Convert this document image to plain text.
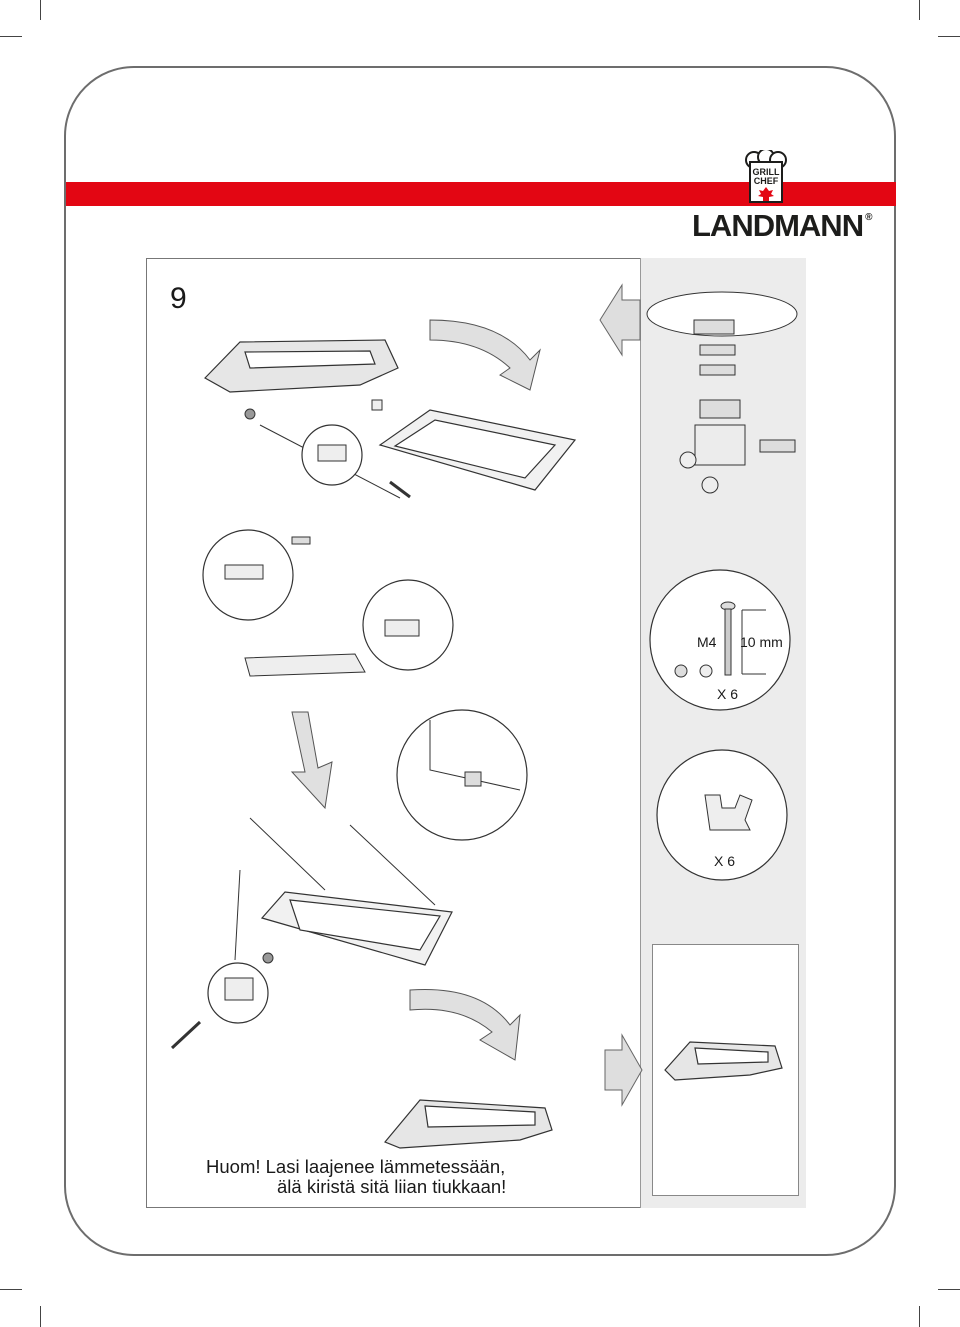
GRILL
CHEF
LANDMANN ®
9
M4 10 mm
X 6
X 6
Huom! Lasi laajenee lämmetessään,
älä kiristä sitä liian tiukkaan!
